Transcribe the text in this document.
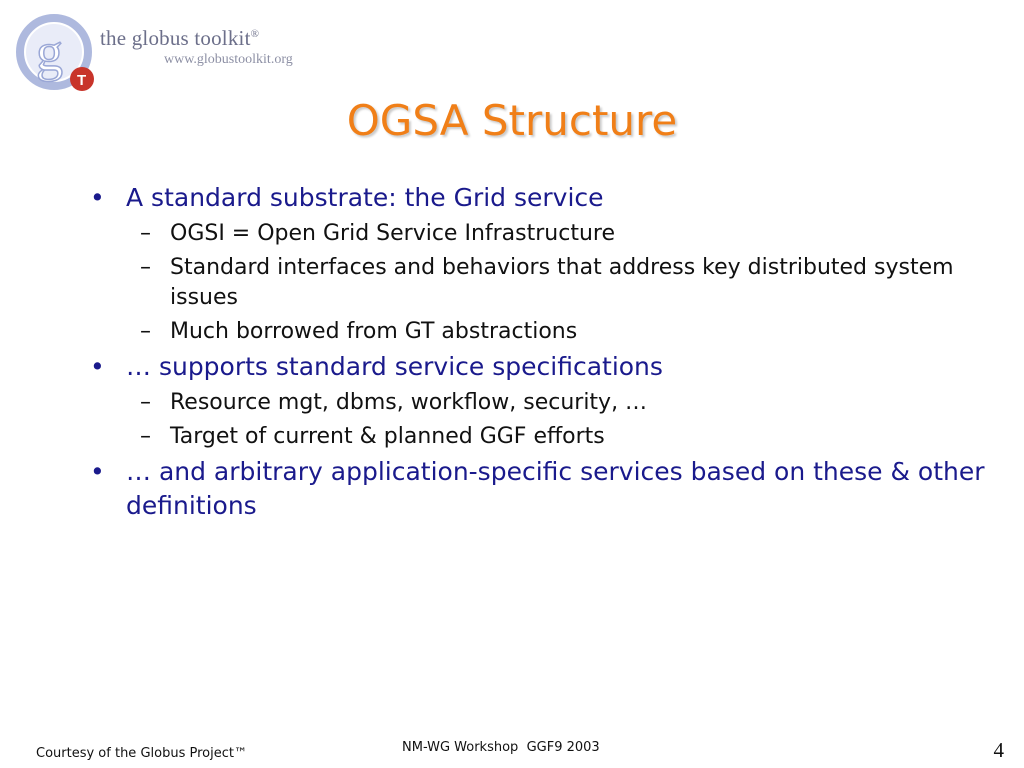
g T
the globus toolkit®
www.globustoolkit.org
OGSA Structure
• A standard substrate: the Grid service
– OGSI = Open Grid Service Infrastructure
– Standard interfaces and behaviors that address key distributed system issues
– Much borrowed from GT abstractions
• … supports standard service specifications
– Resource mgt, dbms, workflow, security, …
– Target of current & planned GGF efforts
• … and arbitrary application-specific services based on these & other definitions
Courtesy of the Globus Project™	NM-WG Workshop  GGF9 2003	4
